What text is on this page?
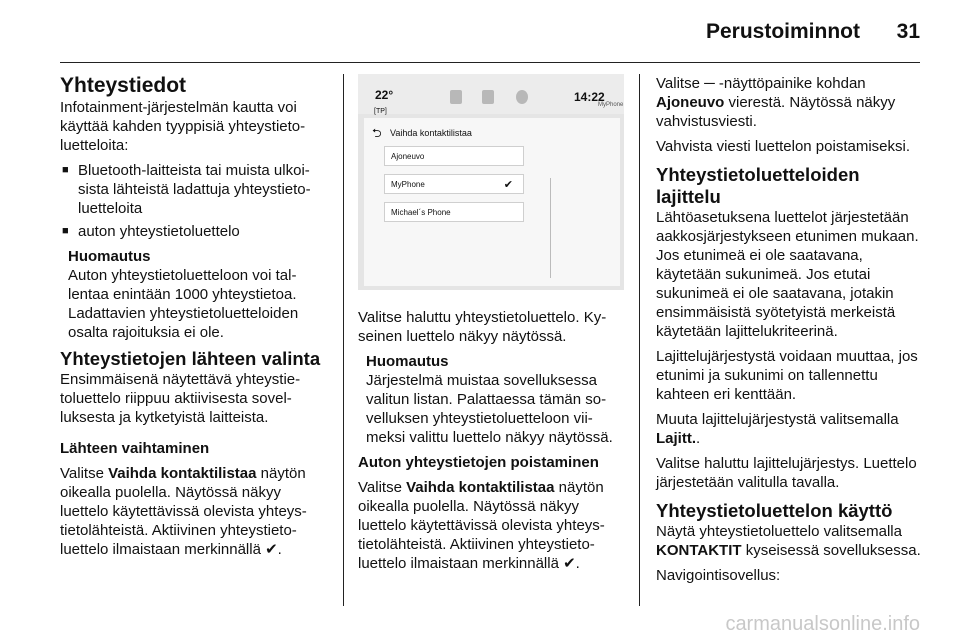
Perustoiminnot 31
Yhteystiedot

Infotainment-järjestelmän kautta voi käyttää kahden tyyppisiä yhteystietoluetteloita:

■ Bluetooth-laitteista tai muista ulkoisista lähteistä ladattuja yhteystietoluetteloita
■ auton yhteystietoluettelo
Huomautus
Auton yhteystietoluetteloon voi tallentaa enintään 1000 yhteystietoa. Ladattavien yhteystietoluetteloiden osalta rajoituksia ei ole.
Yhteystietojen lähteen valinta

Ensimmäisenä näytettävä yhteystietoluettelo riippuu aktiivisesta sovelluksesta ja kytketyistä laitteista.

Lähteen vaihtaminen

Valitse Vaihda kontaktilistaa näytön oikealla puolella. Näytössä näkyy luettelo käytettävissä olevista yhteystietolähteistä. Aktiivinen yhteystietoluettelo ilmaistaan merkinnällä ✔.

22°
[TP]
14:22
MyPhone
⮌ Vaihda kontaktilistaa
Ajoneuvo
MyPhone	✔
Michael´s Phone

Valitse haluttu yhteystietoluettelo. Kyseinen luettelo näkyy näytössä.

Huomautus
Järjestelmä muistaa sovelluksessa valitun listan. Palattaessa tämän sovelluksen yhteystietoluetteloon viimeksi valittu luettelo näkyy näytössä.

Auton yhteystietojen poistaminen

Valitse Vaihda kontaktilistaa näytön oikealla puolella. Näytössä näkyy luettelo käytettävissä olevista yhteystietolähteistä. Aktiivinen yhteystietoluettelo ilmaistaan merkinnällä ✔.

Valitse ─ -näyttöpainike kohdan Ajoneuvo vierestä. Näytössä näkyy vahvistusviesti.

Vahvista viesti luettelon poistamiseksi.

Yhteystietoluetteloiden lajittelu

Lähtöasetuksena luettelot järjestetään aakkosjärjestykseen etunimen mukaan. Jos etunimeä ei ole saatavana, käytetään sukunimeä. Jos etutai sukunimeä ei ole saatavana, jotakin ensimmäisistä syötetyistä merkeistä käytetään lajittelukriteerinä.

Lajittelujärjestystä voidaan muuttaa, jos etunimi ja sukunimi on tallennettu kahteen eri kenttään.

Muuta lajittelujärjestystä valitsemalla Lajitt..

Valitse haluttu lajittelujärjestys. Luettelo järjestetään valitulla tavalla.

Yhteystietoluettelon käyttö

Näytä yhteystietoluettelo valitsemalla KONTAKTIT kyseisessä sovelluksessa.

Navigointisovellus:

carmanualsonline.info
